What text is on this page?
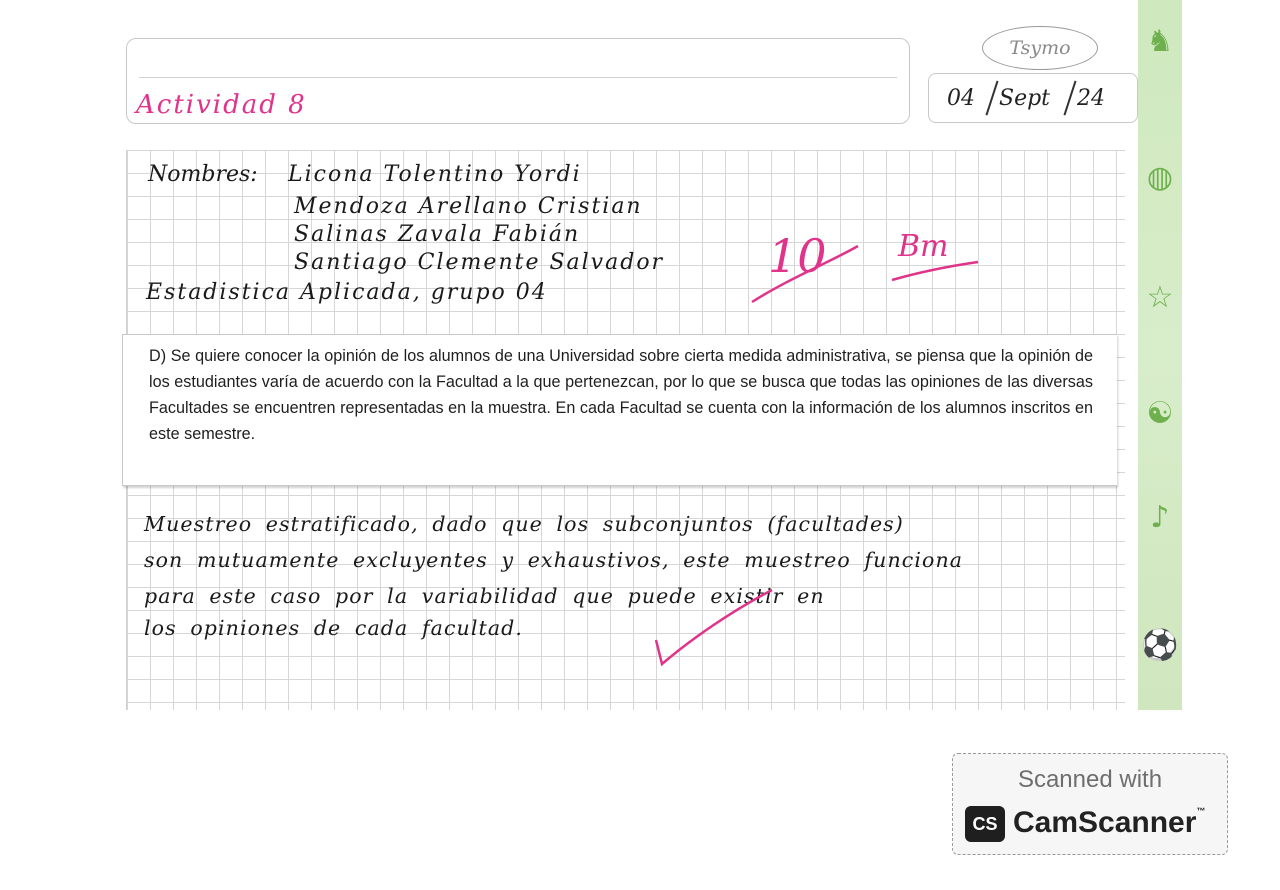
♞
◍
☆
☯
♪
⚽
Actividad 8
Tsymo
04 Sept 24
Nombres: Licona Tolentino Yordi
Mendoza Arellano Cristian
Salinas Zavala Fabián
Santiago Clemente Salvador
Estadistica Aplicada, grupo 04

D) Se quiere conocer la opinión de los alumnos de una Universidad sobre cierta medida administrativa, se piensa que la opinión de los estudiantes varía de acuerdo con la Facultad a la que pertenezcan, por lo que se busca que todas las opiniones de las diversas Facultades se encuentren representadas en la muestra. En cada Facultad se cuenta con la información de los alumnos inscritos en este semestre.

Muestreo estratificado, dado que los subconjuntos (facultades)
son mutuamente excluyentes y exhaustivos, este muestreo funciona
para este caso por la variabilidad que puede existir en
los opiniones de cada facultad.
10 Bm
Scanned with
CS CamScanner™
